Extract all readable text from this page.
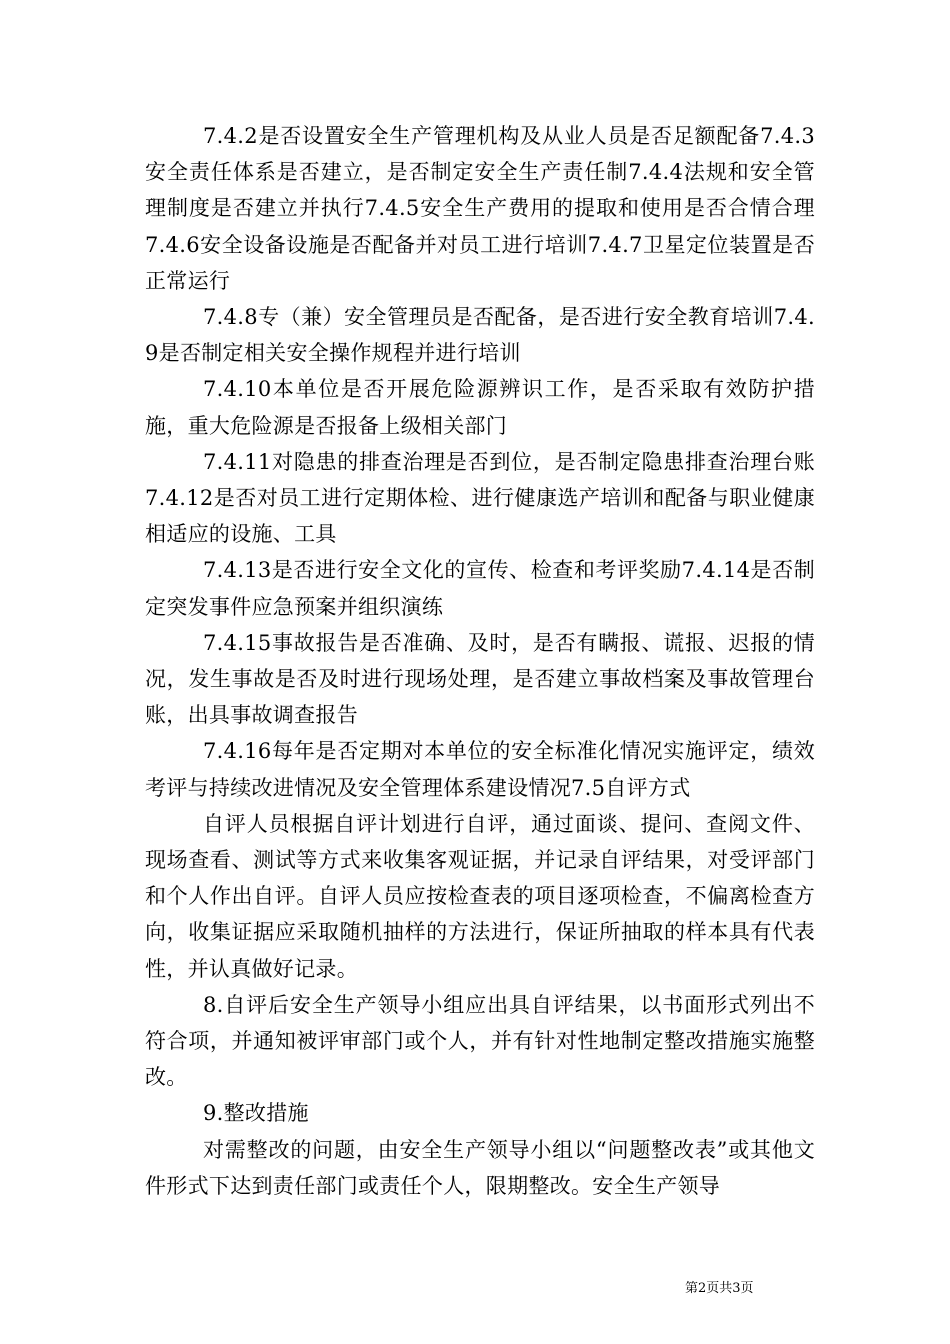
7.4.2是否设置安全生产管理机构及从业人员是否足额配备7.4.3安全责任体系是否建立，是否制定安全生产责任制7.4.4法规和安全管理制度是否建立并执行7.4.5安全生产费用的提取和使用是否合情合理7.4.6安全设备设施是否配备并对员工进行培训7.4.7卫星定位装置是否正常运行

7.4.8专（兼）安全管理员是否配备，是否进行安全教育培训7.4.9是否制定相关安全操作规程并进行培训

7.4.10本单位是否开展危险源辨识工作，是否采取有效防护措施，重大危险源是否报备上级相关部门

7.4.11对隐患的排查治理是否到位，是否制定隐患排查治理台账7.4.12是否对员工进行定期体检、进行健康选产培训和配备与职业健康相适应的设施、工具

7.4.13是否进行安全文化的宣传、检查和考评奖励7.4.14是否制定突发事件应急预案并组织演练

7.4.15事故报告是否准确、及时，是否有瞒报、谎报、迟报的情况，发生事故是否及时进行现场处理，是否建立事故档案及事故管理台账，出具事故调查报告

7.4.16每年是否定期对本单位的安全标准化情况实施评定，绩效考评与持续改进情况及安全管理体系建设情况7.5自评方式

自评人员根据自评计划进行自评，通过面谈、提问、查阅文件、现场查看、测试等方式来收集客观证据，并记录自评结果，对受评部门和个人作出自评。自评人员应按检查表的项目逐项检查，不偏离检查方向，收集证据应采取随机抽样的方法进行，保证所抽取的样本具有代表性，并认真做好记录。

8.自评后安全生产领导小组应出具自评结果，以书面形式列出不符合项，并通知被评审部门或个人，并有针对性地制定整改措施实施整改。

9.整改措施

对需整改的问题，由安全生产领导小组以“问题整改表”或其他文件形式下达到责任部门或责任个人，限期整改。安全生产领导

第2页共3页
